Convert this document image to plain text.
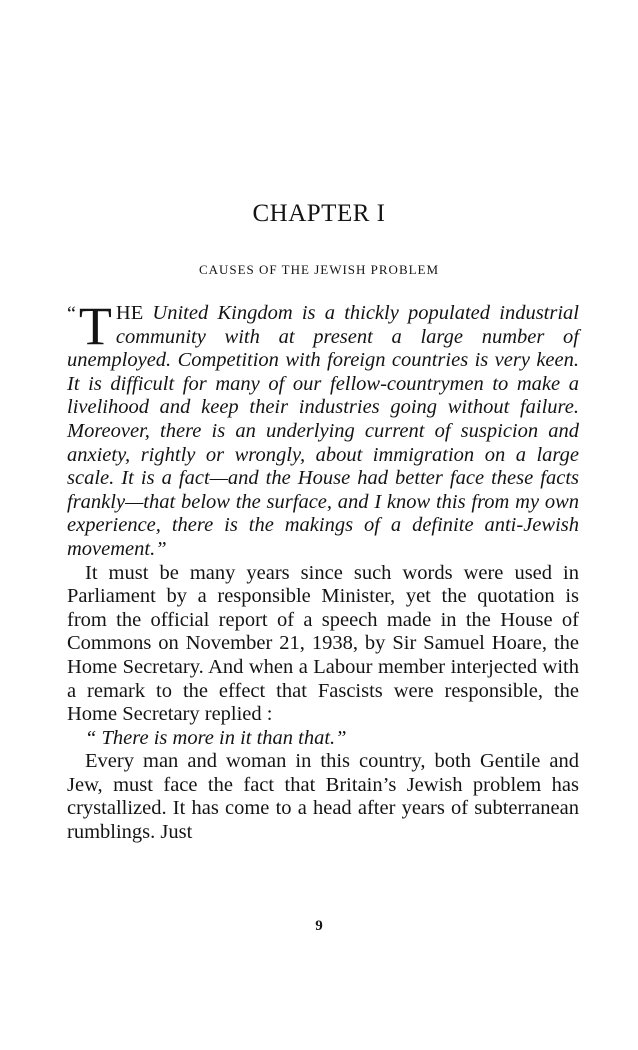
CHAPTER I
CAUSES OF THE JEWISH PROBLEM

“ T HE United Kingdom is a thickly populated industrial community with at present a large number of unemployed. Competition with foreign countries is very keen. It is difficult for many of our fellow-countrymen to make a livelihood and keep their industries going without failure. Moreover, there is an underlying current of suspicion and anxiety, rightly or wrongly, about immigration on a large scale. It is a fact—and the House had better face these facts frankly—that below the surface, and I know this from my own experience, there is the makings of a definite anti-Jewish movement.”

It must be many years since such words were used in Parliament by a responsible Minister, yet the quotation is from the official report of a speech made in the House of Commons on November 21, 1938, by Sir Samuel Hoare, the Home Secretary. And when a Labour member interjected with a remark to the effect that Fascists were responsible, the Home Secretary replied :

“ There is more in it than that.”

Every man and woman in this country, both Gentile and Jew, must face the fact that Britain’s Jewish problem has crystallized. It has come to a head after years of subterranean rumblings. Just

9
